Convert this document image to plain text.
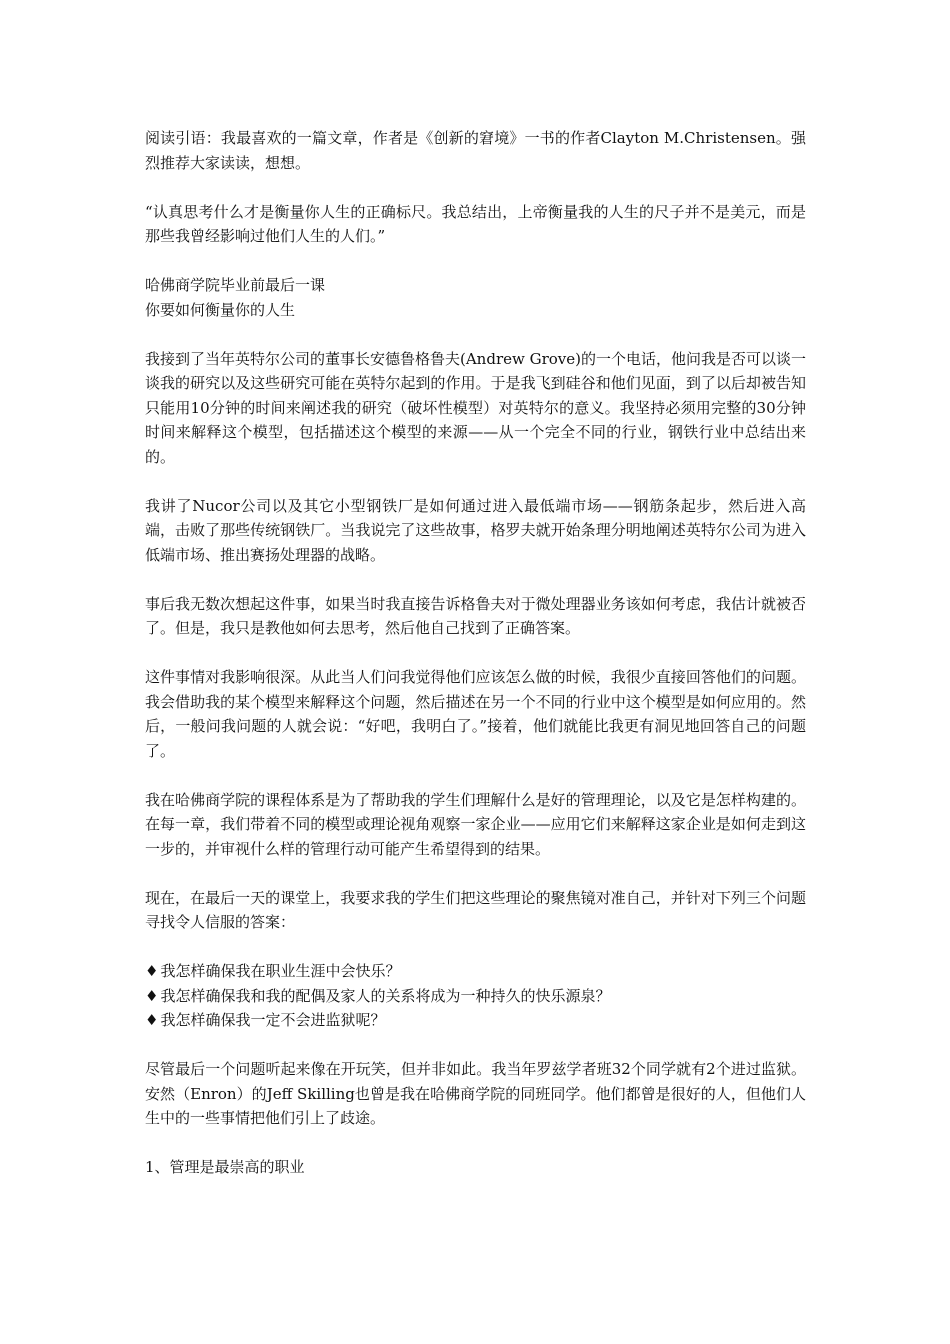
阅读引语：我最喜欢的一篇文章，作者是《创新的窘境》一书的作者Clayton M.Christensen。强烈推荐大家读读，想想。

“认真思考什么才是衡量你人生的正确标尺。我总结出，上帝衡量我的人生的尺子并不是美元，而是那些我曾经影响过他们人生的人们。”

哈佛商学院毕业前最后一课
你要如何衡量你的人生

我接到了当年英特尔公司的董事长安德鲁格鲁夫(Andrew Grove)的一个电话，他问我是否可以谈一谈我的研究以及这些研究可能在英特尔起到的作用。于是我飞到硅谷和他们见面，到了以后却被告知只能用10分钟的时间来阐述我的研究（破坏性模型）对英特尔的意义。我坚持必须用完整的30分钟时间来解释这个模型，包括描述这个模型的来源——从一个完全不同的行业，钢铁行业中总结出来的。

我讲了Nucor公司以及其它小型钢铁厂是如何通过进入最低端市场——钢筋条起步，然后进入高端，击败了那些传统钢铁厂。当我说完了这些故事，格罗夫就开始条理分明地阐述英特尔公司为进入低端市场、推出赛扬处理器的战略。

事后我无数次想起这件事，如果当时我直接告诉格鲁夫对于微处理器业务该如何考虑，我估计就被否了。但是，我只是教他如何去思考，然后他自己找到了正确答案。

这件事情对我影响很深。从此当人们问我觉得他们应该怎么做的时候，我很少直接回答他们的问题。我会借助我的某个模型来解释这个问题，然后描述在另一个不同的行业中这个模型是如何应用的。然后，一般问我问题的人就会说：“好吧，我明白了。”接着，他们就能比我更有洞见地回答自己的问题了。

我在哈佛商学院的课程体系是为了帮助我的学生们理解什么是好的管理理论，以及它是怎样构建的。在每一章，我们带着不同的模型或理论视角观察一家企业——应用它们来解释这家企业是如何走到这一步的，并审视什么样的管理行动可能产生希望得到的结果。

现在，在最后一天的课堂上，我要求我的学生们把这些理论的聚焦镜对准自己，并针对下列三个问题寻找令人信服的答案：

♦ 我怎样确保我在职业生涯中会快乐？
♦ 我怎样确保我和我的配偶及家人的关系将成为一种持久的快乐源泉？
♦ 我怎样确保我一定不会进监狱呢？

尽管最后一个问题听起来像在开玩笑，但并非如此。我当年罗兹学者班32个同学就有2个进过监狱。安然（Enron）的Jeff Skilling也曾是我在哈佛商学院的同班同学。他们都曾是很好的人，但他们人生中的一些事情把他们引上了歧途。

1、管理是最崇高的职业
